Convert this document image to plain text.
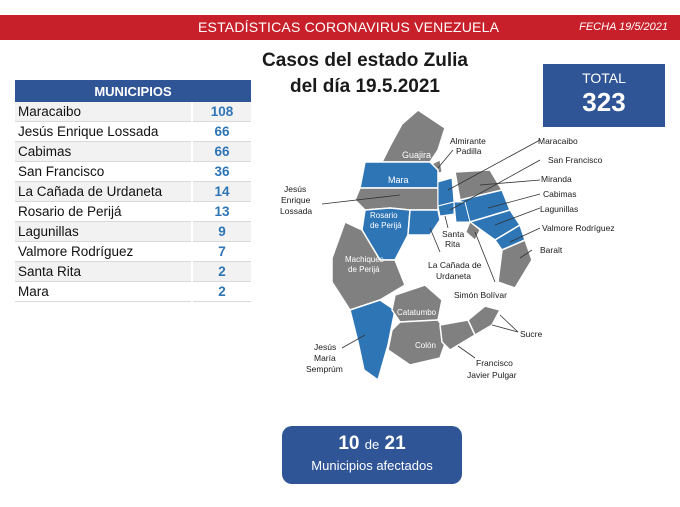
ESTADÍSTICAS CORONAVIRUS VENEZUELA	FECHA 19/5/2021
Casos del estado Zulia
del día 19.5.2021	TOTAL
323
MUNICIPIOS	
Maracaibo	108
Jesús Enrique Lossada	66
Cabimas	66
San Francisco	36
La Cañada de Urdaneta	14
Rosario de Perijá	13
Lagunillas	9
Valmore Rodríguez	7
Santa Rita	2
Mara	2
Guajira
Mara
Rosario
de Perijá
Machiques
de Perijá
Catatumbo
Colón
Almirante
Padilla
Maracaibo
San Francisco
Miranda
Cabimas
Lagunillas
Valmore Rodríguez
Baralt
Jesús
Enrique
Lossada
Santa
Rita
La Cañada de
Urdaneta
Simón Bolívar
Sucre
Francisco
Javier Pulgar
Jesús
María
Semprúm
10 de 21
Municipios afectados
